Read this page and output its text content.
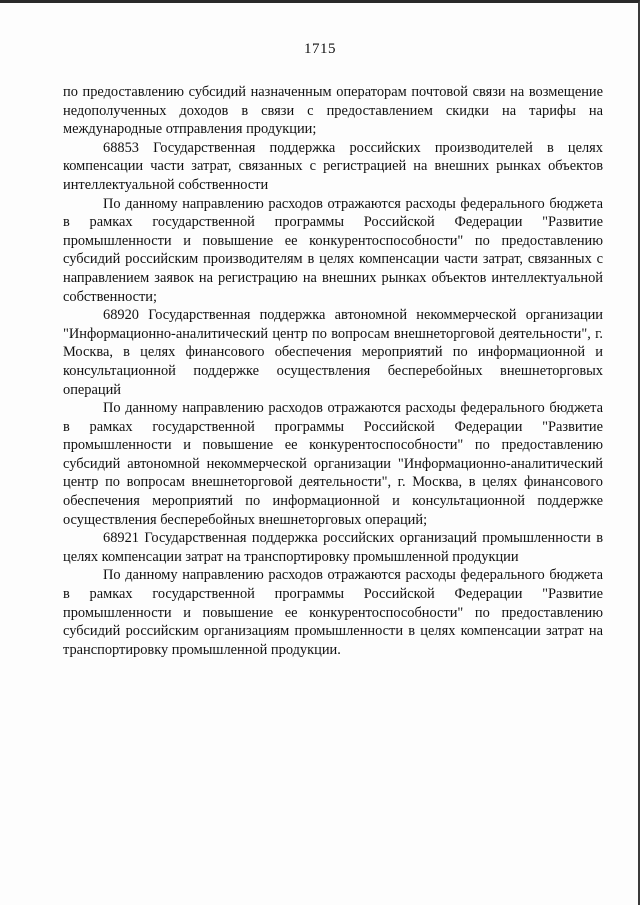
1715

по предоставлению субсидий назначенным операторам почтовой связи на возмещение недополученных доходов в связи с предоставлением скидки на тарифы на международные отправления продукции;

68853 Государственная поддержка российских производителей в целях компенсации части затрат, связанных с регистрацией на внешних рынках объектов интеллектуальной собственности

По данному направлению расходов отражаются расходы федерального бюджета в рамках государственной программы Российской Федерации "Развитие промышленности и повышение ее конкурентоспособности" по предоставлению субсидий российским производителям в целях компенсации части затрат, связанных с направлением заявок на регистрацию на внешних рынках объектов интеллектуальной собственности;

68920 Государственная поддержка автономной некоммерческой организации "Информационно-аналитический центр по вопросам внешнеторговой деятельности", г. Москва, в целях финансового обеспечения мероприятий по информационной и консультационной поддержке осуществления бесперебойных внешнеторговых операций

По данному направлению расходов отражаются расходы федерального бюджета в рамках государственной программы Российской Федерации "Развитие промышленности и повышение ее конкурентоспособности" по предоставлению субсидий автономной некоммерческой организации "Информационно-аналитический центр по вопросам внешнеторговой деятельности", г. Москва, в целях финансового обеспечения мероприятий по информационной и консультационной поддержке осуществления бесперебойных внешнеторговых операций;

68921 Государственная поддержка российских организаций промышленности в целях компенсации затрат на транспортировку промышленной продукции

По данному направлению расходов отражаются расходы федерального бюджета в рамках государственной программы Российской Федерации "Развитие промышленности и повышение ее конкурентоспособности" по предоставлению субсидий российским организациям промышленности в целях компенсации затрат на транспортировку промышленной продукции.
